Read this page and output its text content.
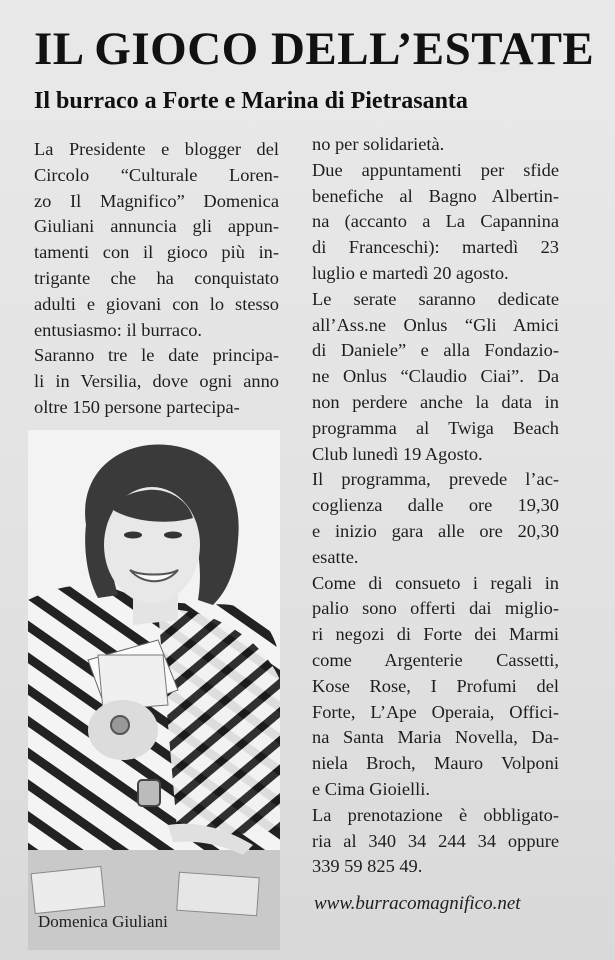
IL GIOCO DELL’ESTATE
Il burraco a Forte e Marina di Pietrasanta
La Presidente e blogger del
Circolo “Culturale Loren-
zo Il Magnifico” Domenica
Giuliani annuncia gli appun-
tamenti con il gioco più in-
trigante che ha conquistato
adulti e giovani con lo stesso
entusiasmo: il burraco.
Saranno tre le date principa-
li in Versilia, dove ogni anno
oltre 150 persone partecipa-
no per solidarietà.
Due appuntamenti per sfide
benefiche al Bagno Albertin-
na (accanto a La Capannina
di Franceschi): martedì 23
luglio e martedì 20 agosto.
Le serate saranno dedicate
all’Ass.ne Onlus “Gli Amici
di Daniele” e alla Fondazio-
ne Onlus “Claudio Ciai”. Da
non perdere anche la data in
programma al Twiga Beach
Club lunedì 19 Agosto.
Il programma, prevede l’ac-
coglienza dalle ore 19,30
e inizio gara alle ore 20,30
esatte.
Come di consueto i regali in
palio sono offerti dai miglio-
ri negozi di Forte dei Marmi
come Argenterie Cassetti,
Kose Rose, I Profumi del
Forte, L’Ape Operaia, Offici-
na Santa Maria Novella, Da-
niela Broch, Mauro Volponi
e Cima Gioielli.
La prenotazione è obbligato-
ria al 340 34 244 34 oppure
339 59 825 49.
Domenica Giuliani
www.burracomagnifico.net
